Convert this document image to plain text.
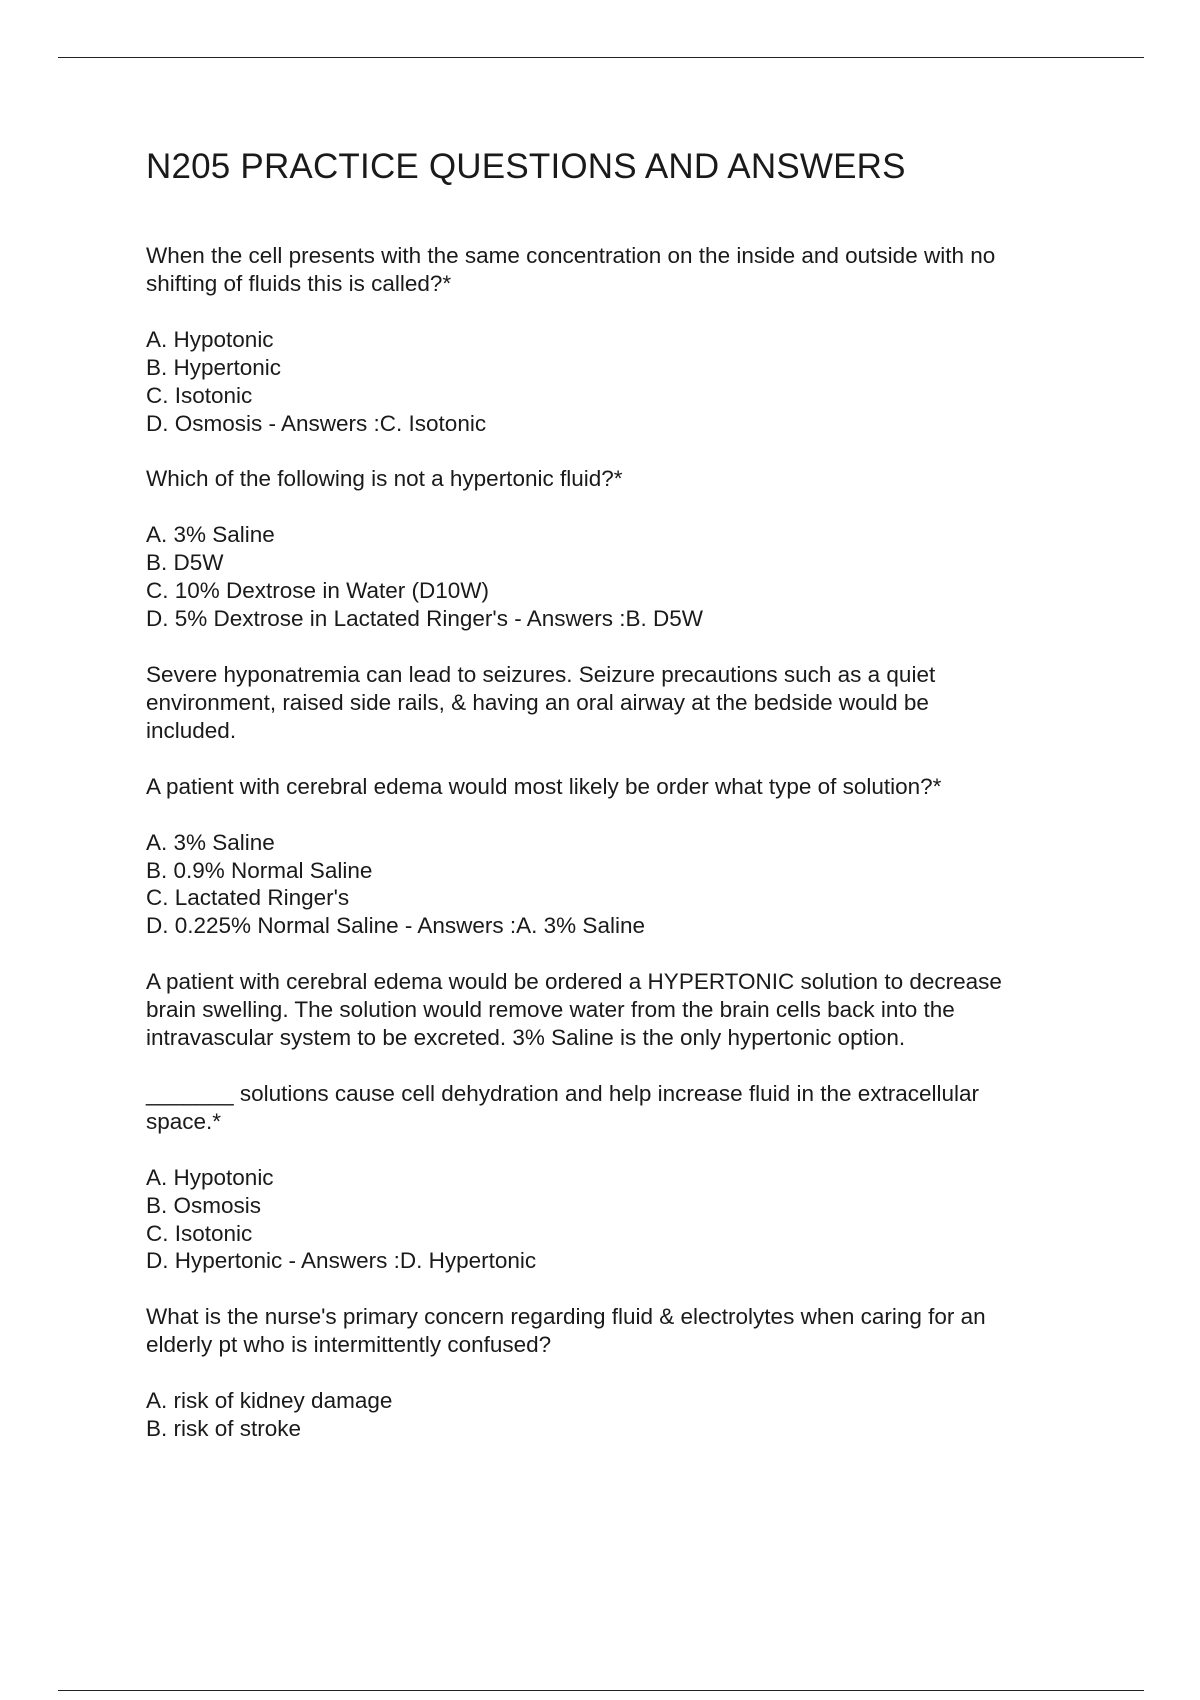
N205 PRACTICE QUESTIONS AND ANSWERS
When the cell presents with the same concentration on the inside and outside with no
shifting of fluids this is called?*
A. Hypotonic
B. Hypertonic
C. Isotonic
D. Osmosis - Answers :C. Isotonic
Which of the following is not a hypertonic fluid?*
A. 3% Saline
B. D5W
C. 10% Dextrose in Water (D10W)
D. 5% Dextrose in Lactated Ringer's - Answers :B. D5W
Severe hyponatremia can lead to seizures. Seizure precautions such as a quiet
environment, raised side rails, & having an oral airway at the bedside would be
included.
A patient with cerebral edema would most likely be order what type of solution?*
A. 3% Saline
B. 0.9% Normal Saline
C. Lactated Ringer's
D. 0.225% Normal Saline - Answers :A. 3% Saline
A patient with cerebral edema would be ordered a HYPERTONIC solution to decrease
brain swelling. The solution would remove water from the brain cells back into the
intravascular system to be excreted. 3% Saline is the only hypertonic option.
_______ solutions cause cell dehydration and help increase fluid in the extracellular
space.*
A. Hypotonic
B. Osmosis
C. Isotonic
D. Hypertonic - Answers :D. Hypertonic
What is the nurse's primary concern regarding fluid & electrolytes when caring for an
elderly pt who is intermittently confused?
A. risk of kidney damage
B. risk of stroke
